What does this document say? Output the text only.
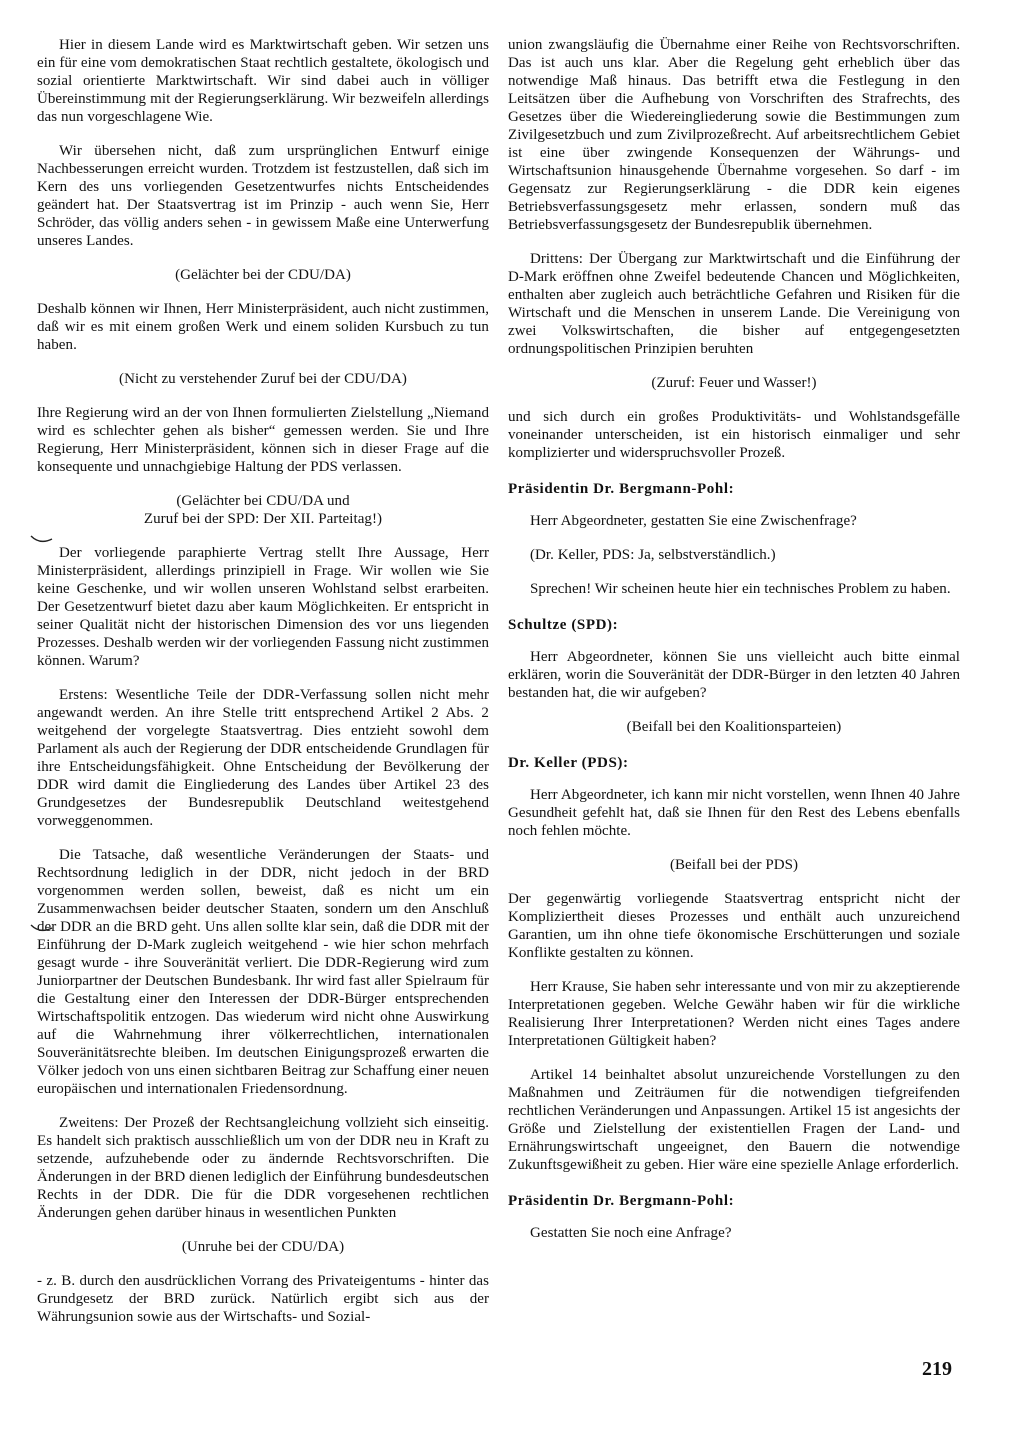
Hier in diesem Lande wird es Marktwirtschaft geben. Wir setzen uns ein für eine vom demokratischen Staat rechtlich gestaltete, ökologisch und sozial orientierte Marktwirtschaft. Wir sind dabei auch in völliger Übereinstimmung mit der Regierungserklärung. Wir bezweifeln allerdings das nun vorgeschlagene Wie.

Wir übersehen nicht, daß zum ursprünglichen Entwurf einige Nachbesserungen erreicht wurden. Trotzdem ist festzustellen, daß sich im Kern des uns vorliegenden Gesetzentwurfes nichts Entscheidendes geändert hat. Der Staatsvertrag ist im Prinzip - auch wenn Sie, Herr Schröder, das völlig anders sehen - in gewissem Maße eine Unterwerfung unseres Landes.

(Gelächter bei der CDU/DA)

Deshalb können wir Ihnen, Herr Ministerpräsident, auch nicht zustimmen, daß wir es mit einem großen Werk und einem soliden Kursbuch zu tun haben.

(Nicht zu verstehender Zuruf bei der CDU/DA)

Ihre Regierung wird an der von Ihnen formulierten Zielstellung „Niemand wird es schlechter gehen als bisher“ gemessen werden. Sie und Ihre Regierung, Herr Ministerpräsident, können sich in dieser Frage auf die konsequente und unnachgiebige Haltung der PDS verlassen.

(Gelächter bei CDU/DA und

Zuruf bei der SPD: Der XII. Parteitag!)

Der vorliegende paraphierte Vertrag stellt Ihre Aussage, Herr Ministerpräsident, allerdings prinzipiell in Frage. Wir wollen wie Sie keine Geschenke, und wir wollen unseren Wohlstand selbst erarbeiten. Der Gesetzentwurf bietet dazu aber kaum Möglichkeiten. Er entspricht in seiner Qualität nicht der historischen Dimension des vor uns liegenden Prozesses. Deshalb werden wir der vorliegenden Fassung nicht zustimmen können. Warum?

Erstens: Wesentliche Teile der DDR-Verfassung sollen nicht mehr angewandt werden. An ihre Stelle tritt entsprechend Artikel 2 Abs. 2 weitgehend der vorgelegte Staatsvertrag. Dies entzieht sowohl dem Parlament als auch der Regierung der DDR entscheidende Grundlagen für ihre Entscheidungsfähigkeit. Ohne Entscheidung der Bevölkerung der DDR wird damit die Eingliederung des Landes über Artikel 23 des Grundgesetzes der Bundesrepublik Deutschland weitestgehend vorweggenommen.

Die Tatsache, daß wesentliche Veränderungen der Staats- und Rechtsordnung lediglich in der DDR, nicht jedoch in der BRD vorgenommen werden sollen, beweist, daß es nicht um ein Zusammenwachsen beider deutscher Staaten, sondern um den Anschluß der DDR an die BRD geht. Uns allen sollte klar sein, daß die DDR mit der Einführung der D-Mark zugleich weitgehend - wie hier schon mehrfach gesagt wurde - ihre Souveränität verliert. Die DDR-Regierung wird zum Juniorpartner der Deutschen Bundesbank. Ihr wird fast aller Spielraum für die Gestaltung einer den Interessen der DDR-Bürger entsprechenden Wirtschaftspolitik entzogen. Das wiederum wird nicht ohne Auswirkung auf die Wahrnehmung ihrer völkerrechtlichen, internationalen Souveränitätsrechte bleiben. Im deutschen Einigungsprozeß erwarten die Völker jedoch von uns einen sichtbaren Beitrag zur Schaffung einer neuen europäischen und internationalen Friedensordnung.

Zweitens: Der Prozeß der Rechtsangleichung vollzieht sich einseitig. Es handelt sich praktisch ausschließlich um von der DDR neu in Kraft zu setzende, aufzuhebende oder zu ändernde Rechtsvorschriften. Die Änderungen in der BRD dienen lediglich der Einführung bundesdeutschen Rechts in der DDR. Die für die DDR vorgesehenen rechtlichen Änderungen gehen darüber hinaus in wesentlichen Punkten

(Unruhe bei der CDU/DA)

- z. B. durch den ausdrücklichen Vorrang des Privateigentums - hinter das Grundgesetz der BRD zurück. Natürlich ergibt sich aus der Währungsunion sowie aus der Wirtschafts- und Sozial-

union zwangsläufig die Übernahme einer Reihe von Rechtsvorschriften. Das ist auch uns klar. Aber die Regelung geht erheblich über das notwendige Maß hinaus. Das betrifft etwa die Festlegung in den Leitsätzen über die Aufhebung von Vorschriften des Strafrechts, des Gesetzes über die Wiedereingliederung sowie die Bestimmungen zum Zivilgesetzbuch und zum Zivilprozeßrecht. Auf arbeitsrechtlichem Gebiet ist eine über zwingende Konsequenzen der Währungs- und Wirtschaftsunion hinausgehende Übernahme vorgesehen. So darf - im Gegensatz zur Regierungserklärung - die DDR kein eigenes Betriebsverfassungsgesetz mehr erlassen, sondern muß das Betriebsverfassungsgesetz der Bundesrepublik übernehmen.

Drittens: Der Übergang zur Marktwirtschaft und die Einführung der D-Mark eröffnen ohne Zweifel bedeutende Chancen und Möglichkeiten, enthalten aber zugleich auch beträchtliche Gefahren und Risiken für die Wirtschaft und die Menschen in unserem Lande. Die Vereinigung von zwei Volkswirtschaften, die bisher auf entgegengesetzten ordnungspolitischen Prinzipien beruhten

(Zuruf: Feuer und Wasser!)

und sich durch ein großes Produktivitäts- und Wohlstandsgefälle voneinander unterscheiden, ist ein historisch einmaliger und sehr komplizierter und widerspruchsvoller Prozeß.

Präsidentin Dr. Bergmann-Pohl:

Herr Abgeordneter, gestatten Sie eine Zwischenfrage?

(Dr. Keller, PDS: Ja, selbstverständlich.)

Sprechen! Wir scheinen heute hier ein technisches Problem zu haben.

Schultze (SPD):

Herr Abgeordneter, können Sie uns vielleicht auch bitte einmal erklären, worin die Souveränität der DDR-Bürger in den letzten 40 Jahren bestanden hat, die wir aufgeben?

(Beifall bei den Koalitionsparteien)

Dr. Keller (PDS):

Herr Abgeordneter, ich kann mir nicht vorstellen, wenn Ihnen 40 Jahre Gesundheit gefehlt hat, daß sie Ihnen für den Rest des Lebens ebenfalls noch fehlen möchte.

(Beifall bei der PDS)

Der gegenwärtig vorliegende Staatsvertrag entspricht nicht der Kompliziertheit dieses Prozesses und enthält auch unzureichend Garantien, um ihn ohne tiefe ökonomische Erschütterungen und soziale Konflikte gestalten zu können.

Herr Krause, Sie haben sehr interessante und von mir zu akzeptierende Interpretationen gegeben. Welche Gewähr haben wir für die wirkliche Realisierung Ihrer Interpretationen? Werden nicht eines Tages andere Interpretationen Gültigkeit haben?

Artikel 14 beinhaltet absolut unzureichende Vorstellungen zu den Maßnahmen und Zeiträumen für die notwendigen tiefgreifenden rechtlichen Veränderungen und Anpassungen. Artikel 15 ist angesichts der Größe und Zielstellung der existentiellen Fragen der Land- und Ernährungswirtschaft ungeeignet, den Bauern die notwendige Zukunftsgewißheit zu geben. Hier wäre eine spezielle Anlage erforderlich.

Präsidentin Dr. Bergmann-Pohl:

Gestatten Sie noch eine Anfrage?

219
